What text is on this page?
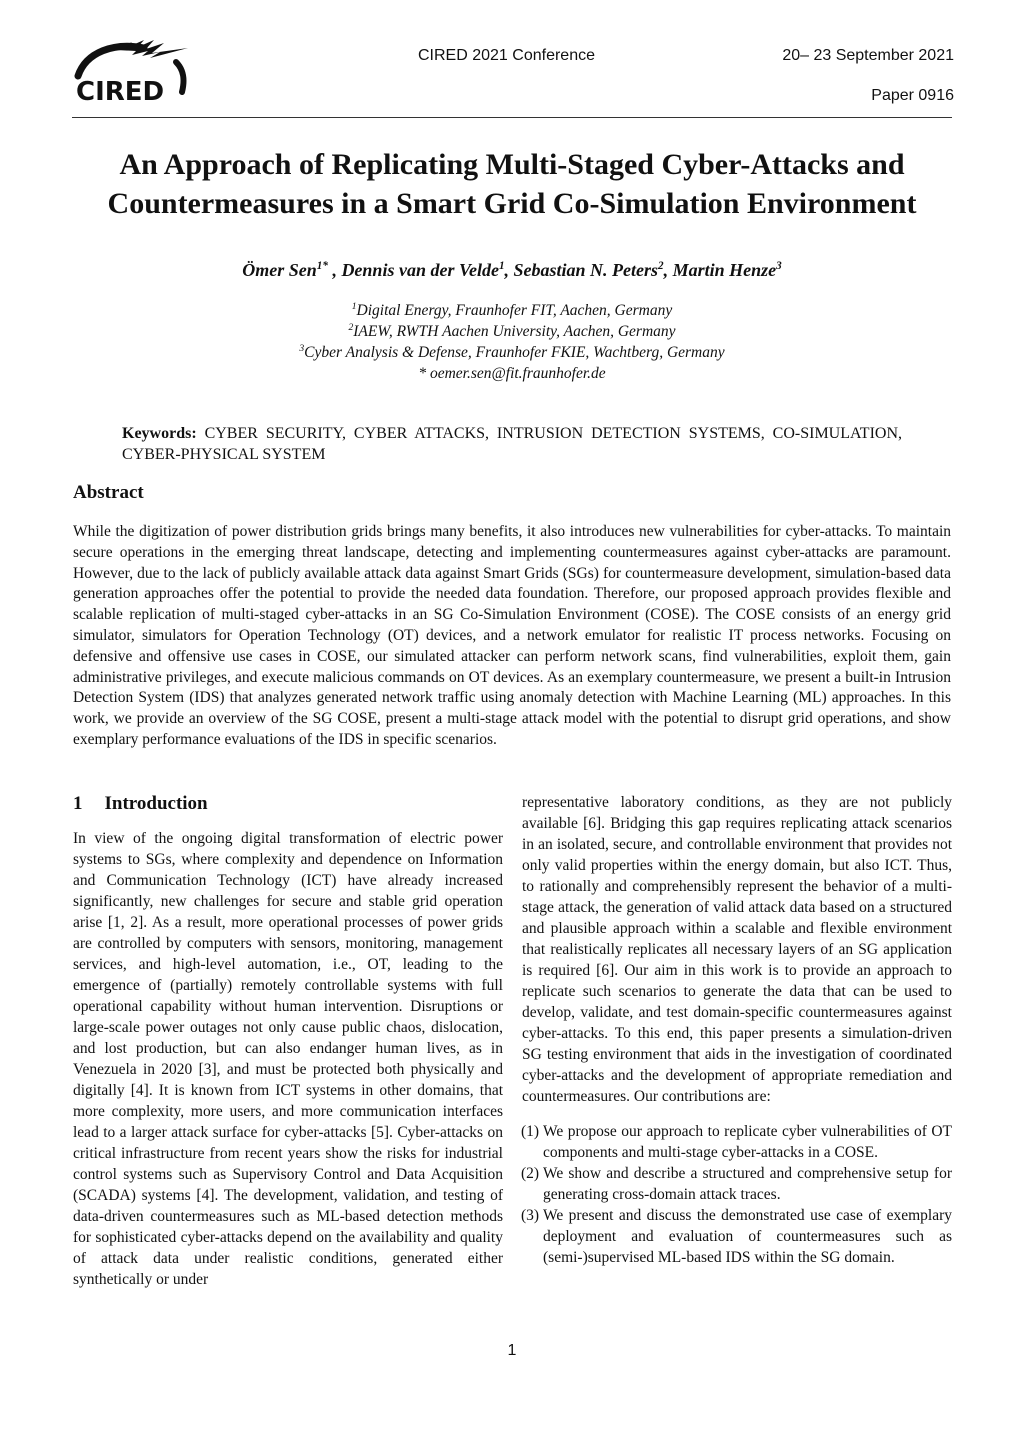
CIRED
CIRED 2021 Conference	20– 23 September 2021
Paper 0916
An Approach of Replicating Multi-Staged Cyber-Attacks and Countermeasures in a Smart Grid Co-Simulation Environment
Ömer Sen$^{1*}$ , Dennis van der Velde$^1$, Sebastian N. Peters$^2$, Martin Henze$^3$
$^1$Digital Energy, Fraunhofer FIT, Aachen, Germany
$^2$IAEW, RWTH Aachen University, Aachen, Germany
$^3$Cyber Analysis & Defense, Fraunhofer FKIE, Wachtberg, Germany
* oemer.sen@fit.fraunhofer.de
Keywords: CYBER SECURITY, CYBER ATTACKS, INTRUSION DETECTION SYSTEMS, CO-SIMULATION, CYBER-PHYSICAL SYSTEM
Abstract

While the digitization of power distribution grids brings many benefits, it also introduces new vulnerabilities for cyber-attacks. To maintain secure operations in the emerging threat landscape, detecting and implementing countermeasures against cyber-attacks are paramount. However, due to the lack of publicly available attack data against Smart Grids (SGs) for countermeasure development, simulation-based data generation approaches offer the potential to provide the needed data foundation. Therefore, our proposed approach provides flexible and scalable replication of multi-staged cyber-attacks in an SG Co-Simulation Environment (COSE). The COSE consists of an energy grid simulator, simulators for Operation Technology (OT) devices, and a network emulator for realistic IT process networks. Focusing on defensive and offensive use cases in COSE, our simulated attacker can perform network scans, find vulnerabilities, exploit them, gain administrative privileges, and execute malicious commands on OT devices. As an exemplary countermeasure, we present a built-in Intrusion Detection System (IDS) that analyzes generated network traffic using anomaly detection with Machine Learning (ML) approaches. In this work, we provide an overview of the SG COSE, present a multi-stage attack model with the potential to disrupt grid operations, and show exemplary performance evaluations of the IDS in specific scenarios.

1 Introduction

In view of the ongoing digital transformation of electric power systems to SGs, where complexity and dependence on Information and Communication Technology (ICT) have already increased significantly, new challenges for secure and stable grid operation arise [1, 2]. As a result, more operational processes of power grids are controlled by computers with sensors, monitoring, management services, and high-level automation, i.e., OT, leading to the emergence of (partially) remotely controllable systems with full operational capability without human intervention. Disruptions or large-scale power outages not only cause public chaos, dislocation, and lost production, but can also endanger human lives, as in Venezuela in 2020 [3], and must be protected both physically and digitally [4]. It is known from ICT systems in other domains, that more complexity, more users, and more communication interfaces lead to a larger attack surface for cyber-attacks [5]. Cyber-attacks on critical infrastructure from recent years show the risks for industrial control systems such as Supervisory Control and Data Acquisition (SCADA) systems [4]. The development, validation, and testing of data-driven countermeasures such as ML-based detection methods for sophisticated cyber-attacks depend on the availability and quality of attack data under realistic conditions, generated either synthetically or under

representative laboratory conditions, as they are not publicly available [6]. Bridging this gap requires replicating attack scenarios in an isolated, secure, and controllable environment that provides not only valid properties within the energy domain, but also ICT. Thus, to rationally and comprehensibly represent the behavior of a multi-stage attack, the generation of valid attack data based on a structured and plausible approach within a scalable and flexible environment that realistically replicates all necessary layers of an SG application is required [6]. Our aim in this work is to provide an approach to replicate such scenarios to generate the data that can be used to develop, validate, and test domain-specific countermeasures against cyber-attacks. To this end, this paper presents a simulation-driven SG testing environment that aids in the investigation of coordinated cyber-attacks and the development of appropriate remediation and countermeasures. Our contributions are:

(1) We propose our approach to replicate cyber vulnerabilities of OT components and multi-stage cyber-attacks in a COSE.
(2) We show and describe a structured and comprehensive setup for generating cross-domain attack traces.
(3) We present and discuss the demonstrated use case of exemplary deployment and evaluation of countermeasures such as (semi-)supervised ML-based IDS within the SG domain.
1
